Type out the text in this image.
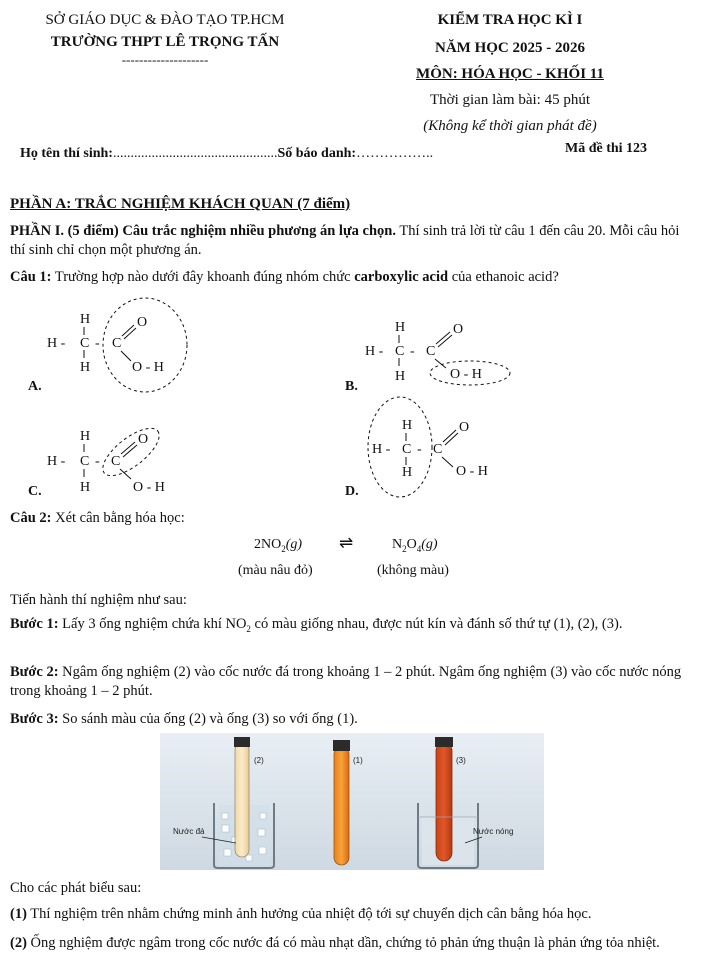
SỞ GIÁO DỤC & ĐÀO TẠO TP.HCM
TRƯỜNG THPT LÊ TRỌNG TẤN
--------------------
KIỂM TRA HỌC KÌ I
NĂM HỌC 2025 - 2026
MÔN: HÓA HỌC - KHỐI 11
Thời gian làm bài: 45 phút
(Không kể thời gian phát đề)
Họ tên thí sinh:...............................................Số báo danh:……………..	Mã đề thi 123
PHẦN A: TRẮC NGHIỆM KHÁCH QUAN (7 điểm)
PHẦN I. (5 điểm) Câu trắc nghiệm nhiều phương án lựa chọn. Thí sinh trả lời từ câu 1 đến câu 20. Mỗi câu hỏi thí sinh chỉ chọn một phương án.
Câu 1: Trường hợp nào dưới đây khoanh đúng nhóm chức carboxylic acid của ethanoic acid?
A.
H
H - C
H
- C
O
O - H
B.
H
H - C
H
- C
O
O - H
C.
H
H - C
H
- C
O
O - H	D.
H
H - C
H
- C
O
O - H
Câu 2: Xét cân bằng hóa học:
$2NO_2(g)$ ⇌	$N_2O_4(g)$
(màu nâu đỏ)	(không màu)
Tiến hành thí nghiệm như sau:
Bước 1: Lấy 3 ống nghiệm chứa khí $NO_2$ có màu giống nhau, được nút kín và đánh số thứ tự (1), (2), (3).
Bước 2: Ngâm ống nghiệm (2) vào cốc nước đá trong khoảng 1 – 2 phút. Ngâm ống nghiệm (3) vào cốc nước nóng trong khoảng 1 – 2 phút.
Bước 3: So sánh màu của ống (2) và ống (3) so với ống (1).
(2)
Nước đá
(1)	(3)
Nước nóng
Cho các phát biểu sau:
(1) Thí nghiệm trên nhằm chứng minh ảnh hưởng của nhiệt độ tới sự chuyển dịch cân bằng hóa học.
(2) Ống nghiệm được ngâm trong cốc nước đá có màu nhạt dần, chứng tỏ phản ứng thuận là phản ứng tỏa nhiệt.
